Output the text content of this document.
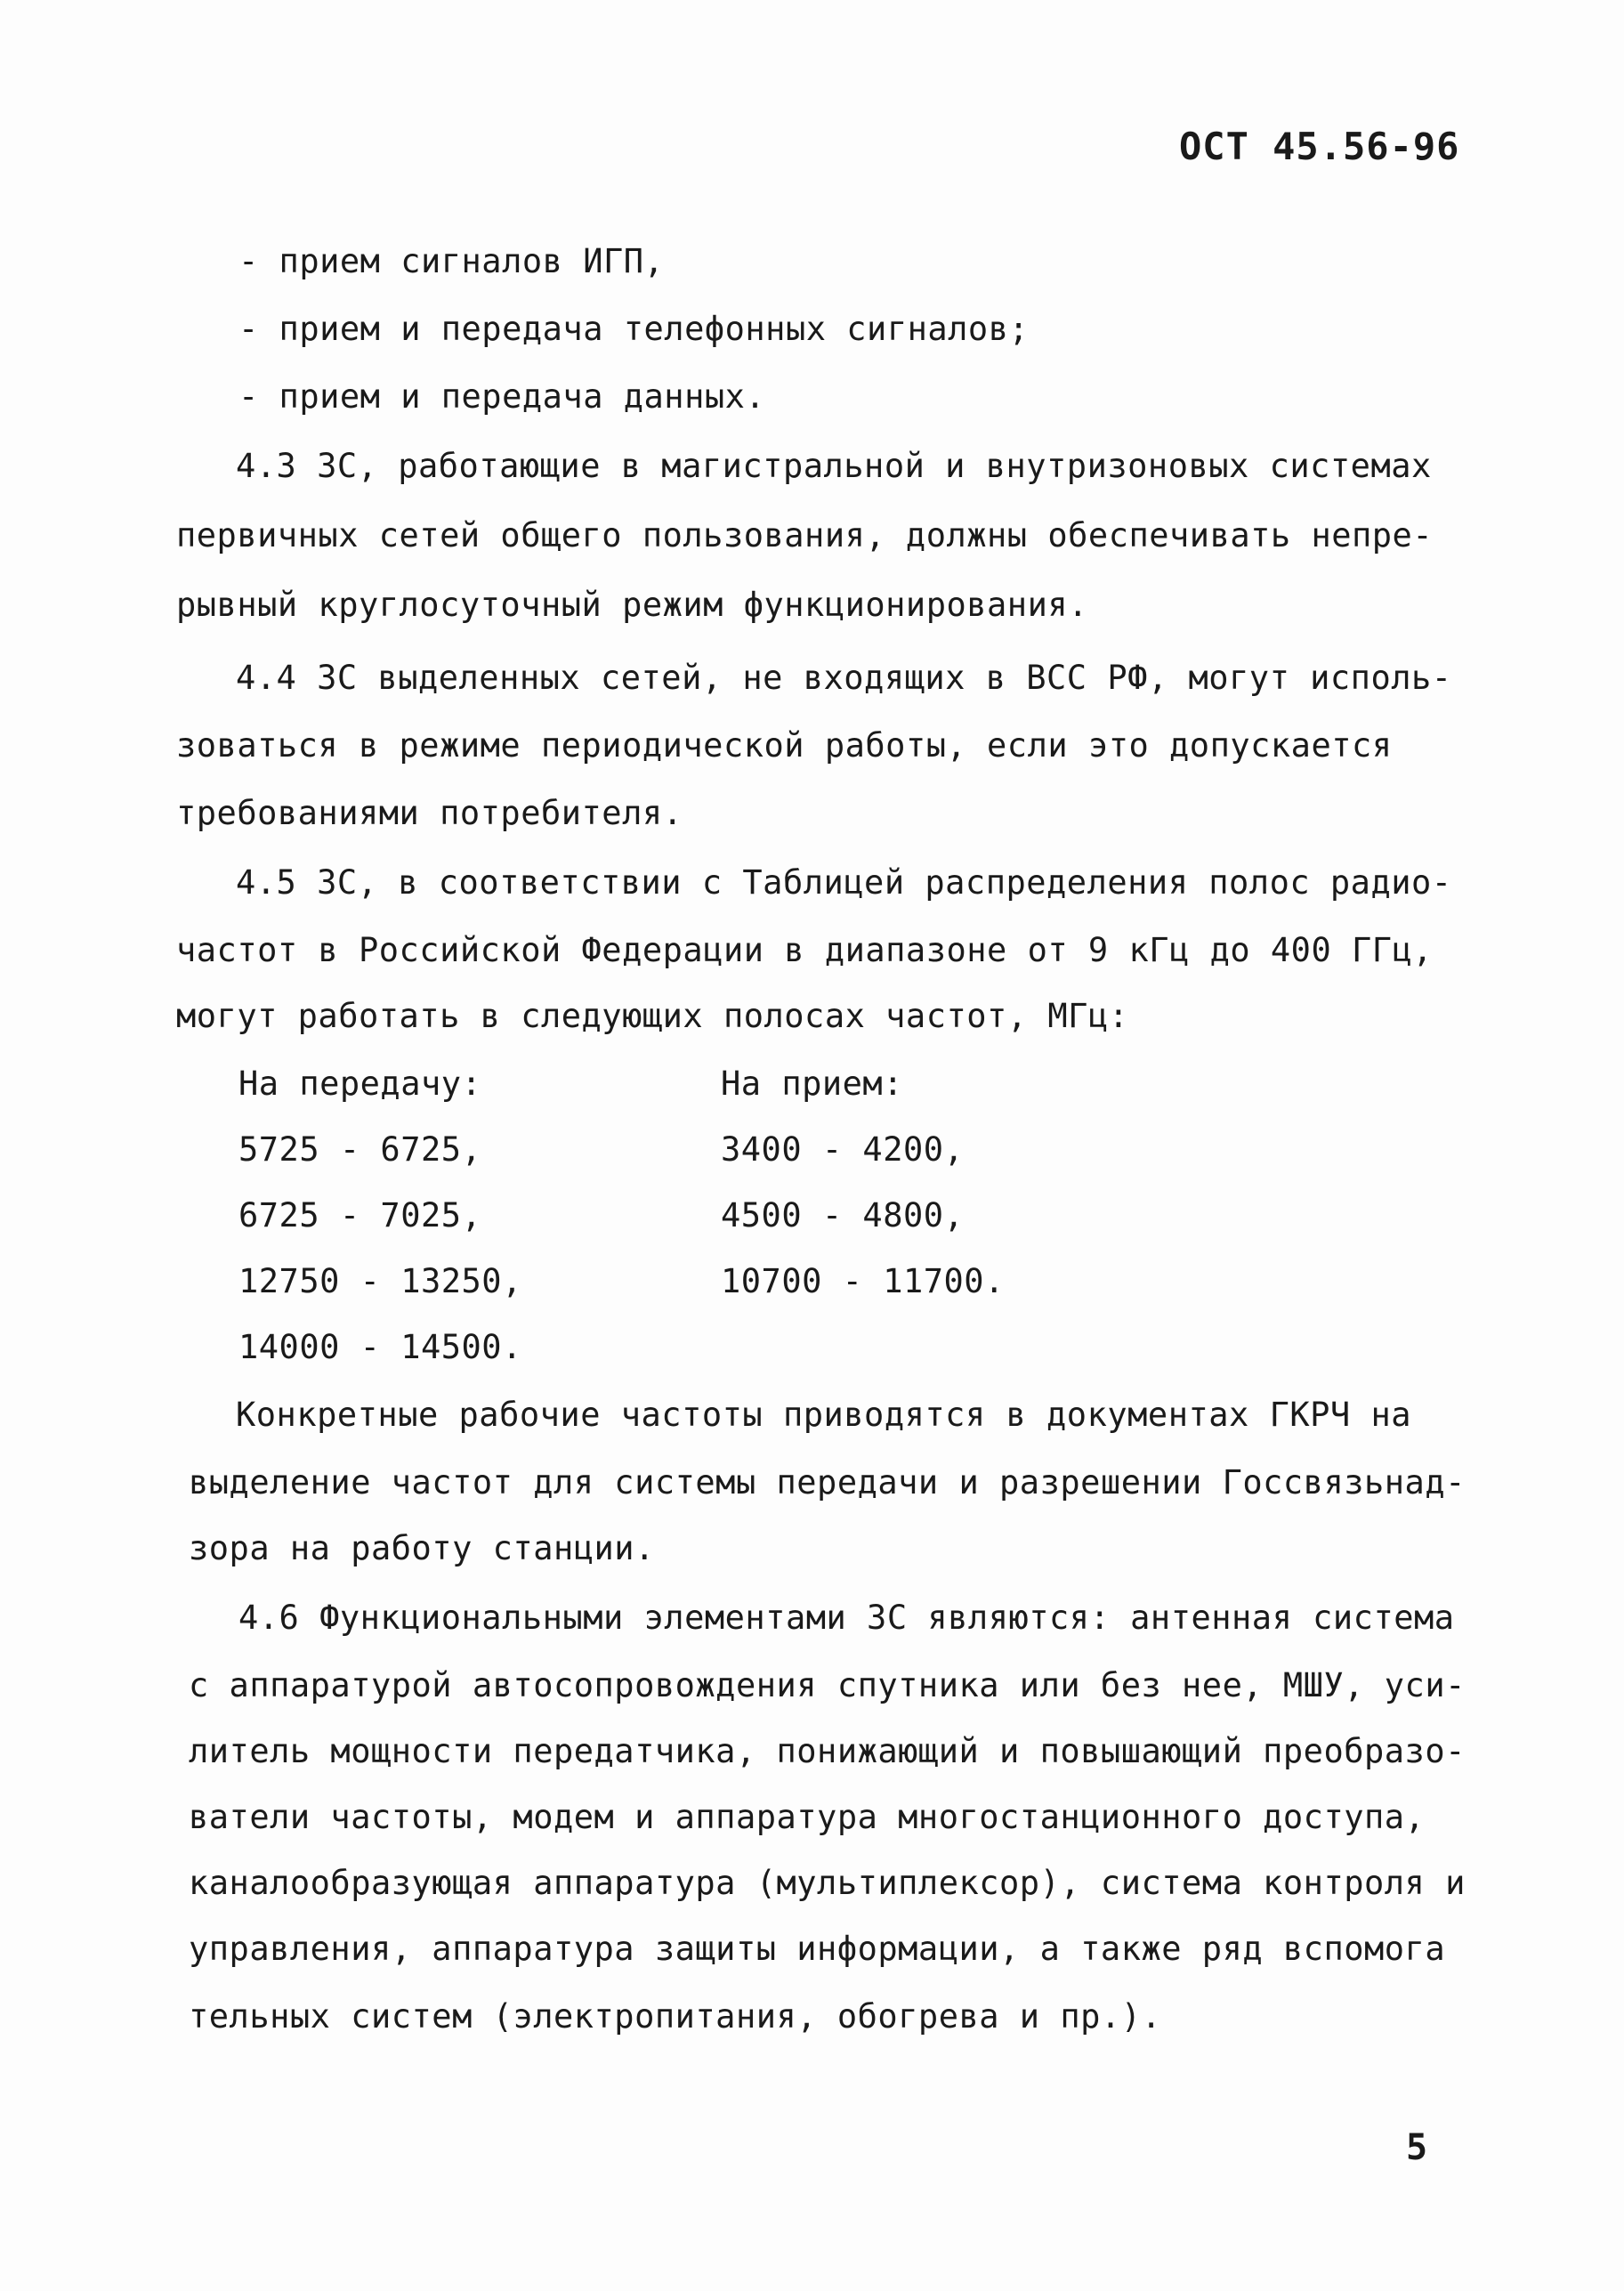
ОСТ 45.56-96
- прием сигналов ИГП,
- прием и передача телефонных сигналов;
- прием и передача данных.
4.3 ЗС, работающие в магистральной и внутризоновых системах
первичных сетей общего пользования, должны обеспечивать непре-
рывный круглосуточный режим функционирования.
4.4 ЗС выделенных сетей, не входящих в ВСС РФ, могут исполь-
зоваться в режиме периодической работы, если это допускается
требованиями потребителя.
4.5 ЗС, в соответствии с Таблицей распределения полос радио-
частот в Российской Федерации в диапазоне от 9 кГц до 400 ГГц,
могут работать в следующих полосах частот, МГц:
На передачу:	На прием:
5725 - 6725,	3400 - 4200,
6725 - 7025,	4500 - 4800,
12750 - 13250,	10700 - 11700.
14000 - 14500.
Конкретные рабочие частоты приводятся в документах ГКРЧ на
выделение частот для системы передачи и разрешении Госсвязьнад-
зора на работу станции.
4.6 Функциональными элементами ЗС являются: антенная система
с аппаратурой автосопровождения спутника или без нее, МШУ, уси-
литель мощности передатчика, понижающий и повышающий преобразо-
ватели частоты, модем и аппаратура многостанционного доступа,
каналообразующая аппаратура (мультиплексор), система контроля и
управления, аппаратура защиты информации, а также ряд вспомога
тельных систем (электропитания, обогрева и пр.).
5
